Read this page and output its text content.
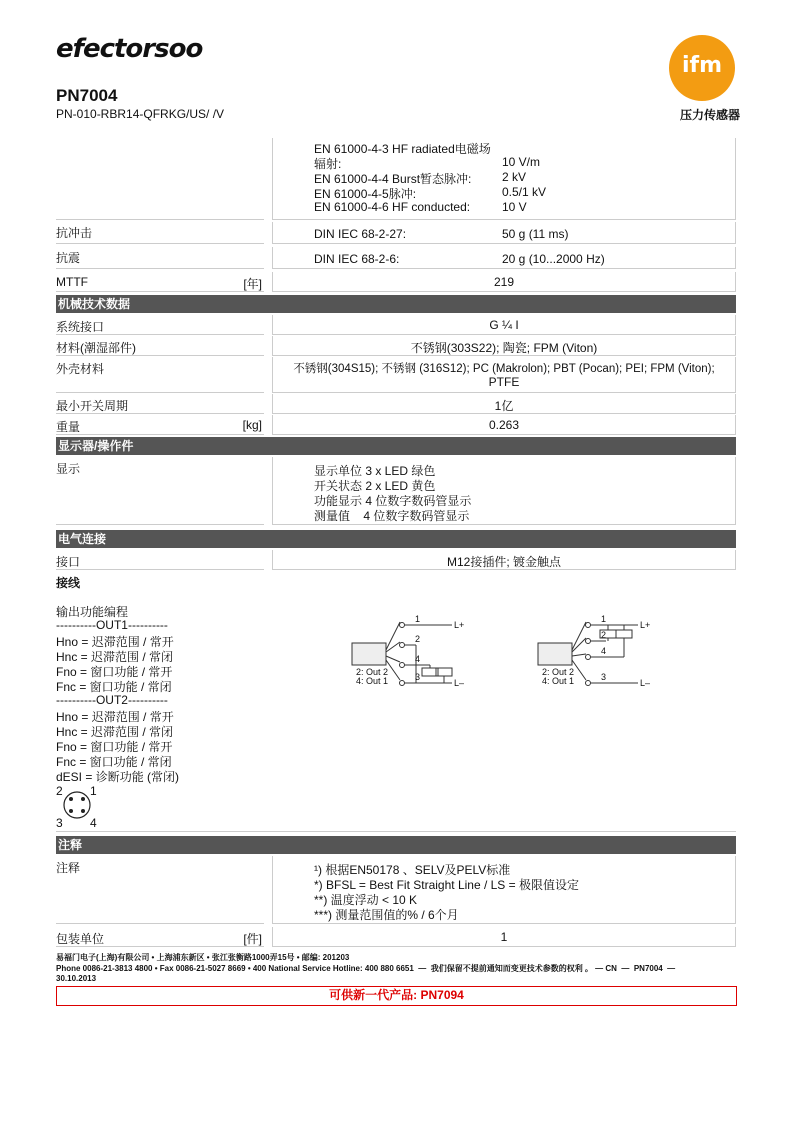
efectorsoo
ifm
压力传感器
PN7004
PN-010-RBR14-QFRKG/US/ /V
EN 61000-4-3 HF radiated电磁场
辐射:	10 V/m
EN 61000-4-4 Burst暂态脉冲:	2 kV
EN 61000-4-5脉冲:	0.5/1 kV
EN 61000-4-6 HF conducted:	10 V
抗冲击	DIN IEC 68-2-27:	50 g (11 ms)
抗震	DIN IEC 68-2-6:	20 g (10...2000 Hz)
MTTF	[年]	219
机械技术数据
系统接口	G ¼ I
材料(潮湿部件)	不锈钢(303S22); 陶瓷; FPM (Viton)
外壳材料	不锈钢(304S15); 不锈钢 (316S12); PC (Makrolon); PBT (Pocan); PEI; FPM (Viton);
PTFE
最小开关周期	1亿
重量	[kg]	0.263
显示器/操作件
显示	显示单位 3 x LED 绿色
开关状态 2 x LED 黄色
功能显示 4 位数字数码管显示
测量值    4 位数字数码管显示
电气连接
接口	M12接插件; 镀金触点
接线
输出功能编程
----------OUT1----------
Hno = 迟滞范围 / 常开
Hnc = 迟滞范围 / 常闭
Fno = 窗口功能 / 常开
Fnc = 窗口功能 / 常闭
----------OUT2----------
Hno = 迟滞范围 / 常开
Hnc = 迟滞范围 / 常闭
Fno = 窗口功能 / 常开
Fnc = 窗口功能 / 常闭
dESI = 诊断功能 (常闭)
2 1
3 4
2: Out 2
4: Out 1
L+
L–
1
2
4
3	2: Out 2
4: Out 1
L+
L–
1
2
4
3
注释
注释	¹) 根据EN50178 、SELV及PELV标准
*) BFSL = Best Fit Straight Line / LS = 极限值设定
**) 温度浮动 < 10 K
***) 测量范围值的% / 6个月
包装单位	[件]	1
易福门电子(上海)有限公司 • 上海浦东新区 • 张江张衡路1000弄15号 • 邮编: 201203
Phone 0086-21-3813 4800 • Fax 0086-21-5027 8669 • 400 National Service Hotline: 400 880 6651  —  我们保留不提前通知而变更技术参数的权利 。 — CN  —  PN7004  —
30.10.2013
可供新一代产品: PN7094
